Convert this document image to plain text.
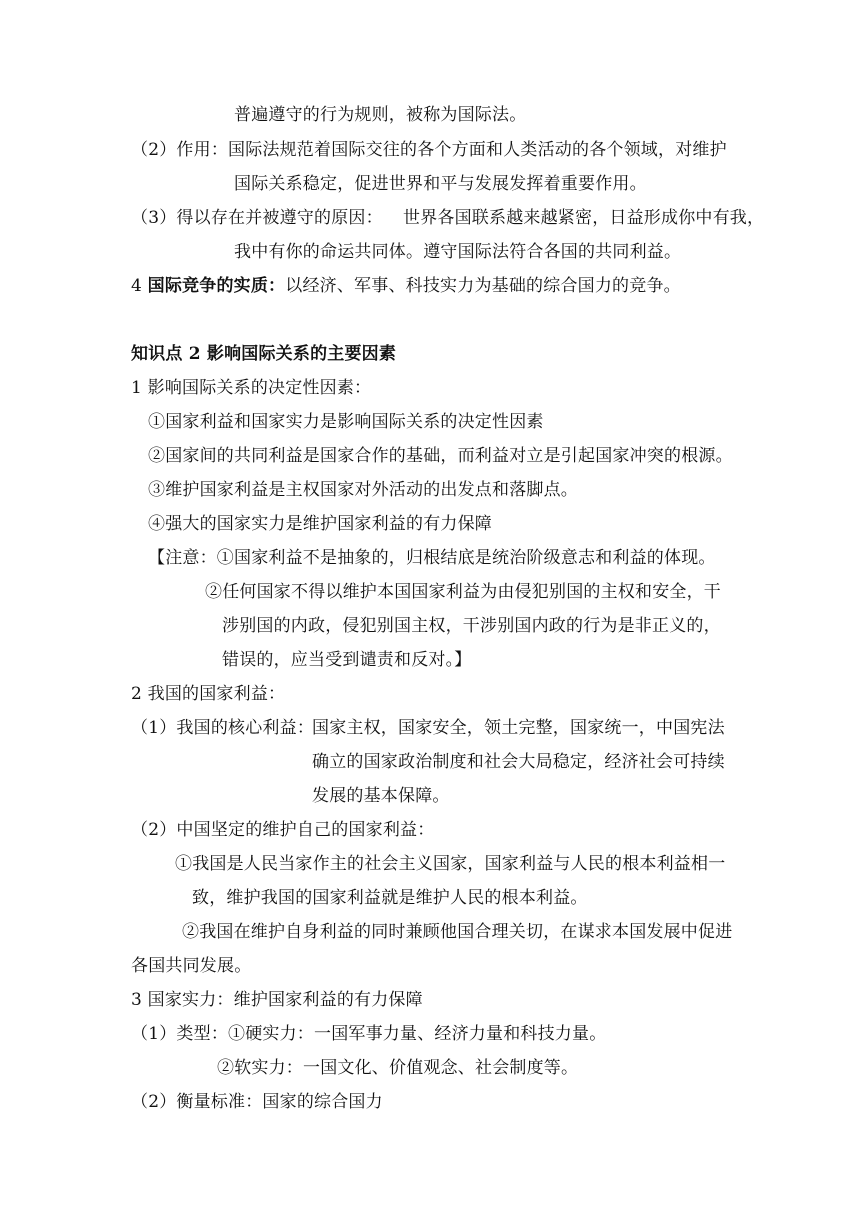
普遍遵守的行为规则，被称为国际法。
（2）作用： 国际法规范着国际交往的各个方面和人类活动的各个领域，对维护
国际关系稳定，促进世界和平与发展发挥着重要作用。
（3）得以存在并被遵守的原因： 世界各国联系越来越紧密，日益形成你中有我，
我中有你的命运共同体。遵守国际法符合各国的共同利益。
4 国际竞争的实质：以经济、军事、科技实力为基础的综合国力的竞争。
知识点 2 影响国际关系的主要因素
1 影响国际关系的决定性因素：
①国家利益和国家实力是影响国际关系的决定性因素
②国家间的共同利益是国家合作的基础，而利益对立是引起国家冲突的根源。
③维护国家利益是主权国家对外活动的出发点和落脚点。
④强大的国家实力是维护国家利益的有力保障
【注意：①国家利益不是抽象的，归根结底是统治阶级意志和利益的体现。
②任何国家不得以维护本国国家利益为由侵犯别国的主权和安全，干
涉别国的内政，侵犯别国主权，干涉别国内政的行为是非正义的，
错误的，应当受到谴责和反对。】
2 我国的国家利益：
（1）我国的核心利益：
国家主权，国家安全，领土完整，国家统一，中国宪法
确立的国家政治制度和社会大局稳定，经济社会可持续
发展的基本保障。
（2）中国坚定的维护自己的国家利益：
①我国是人民当家作主的社会主义国家，国家利益与人民的根本利益相一
致，维护我国的国家利益就是维护人民的根本利益。
②我国在维护自身利益的同时兼顾他国合理关切，在谋求本国发展中促进
各国共同发展。
3 国家实力：维护国家利益的有力保障
（1）类型： ①硬实力：一国军事力量、经济力量和科技力量。
②软实力：一国文化、价值观念、社会制度等。
（2）衡量标准：国家的综合国力
